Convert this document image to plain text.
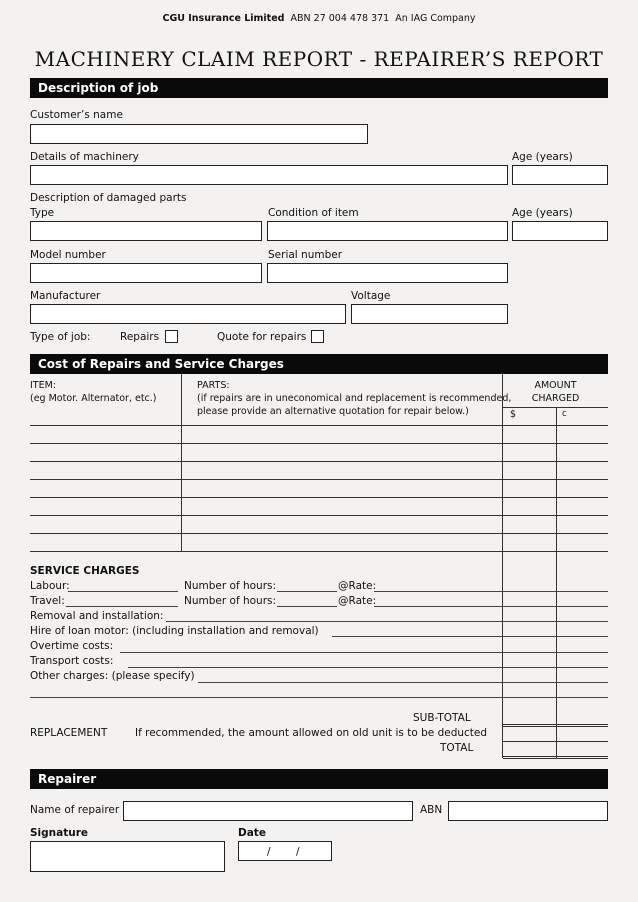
CGU Insurance Limited ABN 27 004 478 371 An IAG Company
MACHINERY CLAIM REPORT - REPAIRER’S REPORT
Description of job
Customer’s name
Details of machinery	Age (years)
Description of damaged parts
Type	Condition of item	Age (years)
Model number	Serial number
Manufacturer	Voltage
Type of job:	Repairs	Quote for repairs
Cost of Repairs and Service Charges
ITEM:
(eg Motor. Alternator, etc.)
PARTS:
(if repairs are in uneconomical and replacement is recommended,
please provide an alternative quotation for repair below.)
AMOUNT
CHARGED
$	c
SERVICE CHARGES
Labour:	Number of hours:	@Rate:
Travel:	Number of hours:	@Rate:
Removal and installation:
Hire of loan motor: (including installation and removal)
Overtime costs:
Transport costs:
Other charges: (please specify)
SUB-TOTAL
REPLACEMENT	If recommended, the amount allowed on old unit is to be deducted
TOTAL
Repairer
Name of repairer	ABN
Signature	Date
/ /
